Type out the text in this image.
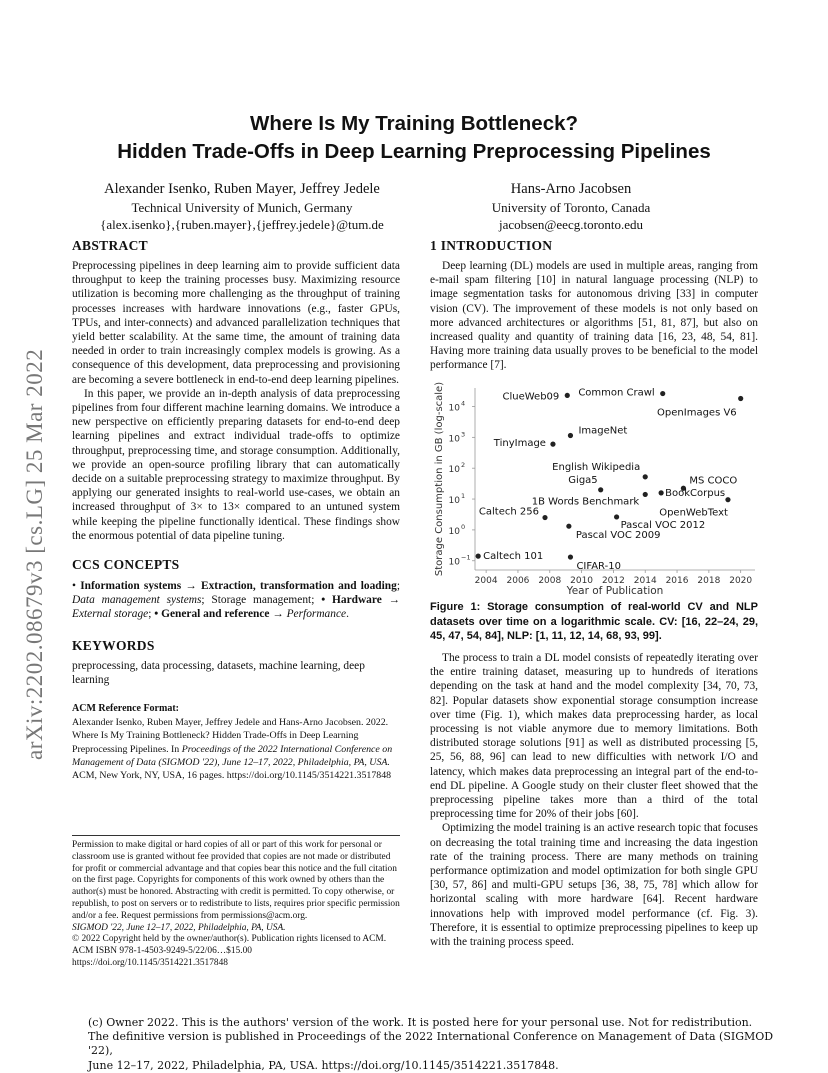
arXiv:2202.08679v3 [cs.LG] 25 Mar 2022
Where Is My Training Bottleneck?
Hidden Trade-Offs in Deep Learning Preprocessing Pipelines
Alexander Isenko, Ruben Mayer, Jeffrey Jedele
Technical University of Munich, Germany
{alex.isenko},{ruben.mayer},{jeffrey.jedele}@tum.de
Hans-Arno Jacobsen
University of Toronto, Canada
jacobsen@eecg.toronto.edu
ABSTRACT
Preprocessing pipelines in deep learning aim to provide sufficient data throughput to keep the training processes busy. Maximizing resource utilization is becoming more challenging as the throughput of training processes increases with hardware innovations (e.g., faster GPUs, TPUs, and inter-connects) and advanced parallelization techniques that yield better scalability. At the same time, the amount of training data needed in order to train increasingly complex models is growing. As a consequence of this development, data preprocessing and provisioning are becoming a severe bottleneck in end-to-end deep learning pipelines.
In this paper, we provide an in-depth analysis of data preprocessing pipelines from four different machine learning domains. We introduce a new perspective on efficiently preparing datasets for end-to-end deep learning pipelines and extract individual trade-offs to optimize throughput, preprocessing time, and storage consumption. Additionally, we provide an open-source profiling library that can automatically decide on a suitable preprocessing strategy to maximize throughput. By applying our generated insights to real-world use-cases, we obtain an increased throughput of 3× to 13× compared to an untuned system while keeping the pipeline functionally identical. These findings show the enormous potential of data pipeline tuning.
CCS CONCEPTS
• Information systems → Extraction, transformation and loading; Data management systems; Storage management; • Hardware → External storage; • General and reference → Performance.
KEYWORDS
preprocessing, data processing, datasets, machine learning, deep learning
ACM Reference Format:
Alexander Isenko, Ruben Mayer, Jeffrey Jedele and Hans-Arno Jacobsen. 2022. Where Is My Training Bottleneck? Hidden Trade-Offs in Deep Learning Preprocessing Pipelines. In Proceedings of the 2022 International Conference on Management of Data (SIGMOD '22), June 12–17, 2022, Philadelphia, PA, USA. ACM, New York, NY, USA, 16 pages. https://doi.org/10.1145/3514221.3517848
Permission to make digital or hard copies of all or part of this work for personal or classroom use is granted without fee provided that copies are not made or distributed for profit or commercial advantage and that copies bear this notice and the full citation on the first page. Copyrights for components of this work owned by others than the author(s) must be honored. Abstracting with credit is permitted. To copy otherwise, or republish, to post on servers or to redistribute to lists, requires prior specific permission and/or a fee. Request permissions from permissions@acm.org.
SIGMOD '22, June 12–17, 2022, Philadelphia, PA, USA.
© 2022 Copyright held by the owner/author(s). Publication rights licensed to ACM.
ACM ISBN 978-1-4503-9249-5/22/06…$15.00
https://doi.org/10.1145/3514221.3517848
1 INTRODUCTION
Deep learning (DL) models are used in multiple areas, ranging from e-mail spam filtering [10] in natural language processing (NLP) to image segmentation tasks for autonomous driving [33] in computer vision (CV). The improvement of these models is not only based on more advanced architectures or algorithms [51, 81, 87], but also on increased quality and quantity of training data [16, 23, 48, 54, 81]. Having more training data usually proves to be beneficial to the model performance [7].
2004 2006 2008 2010 2012 2014 2016 2018 2020
10 4
10 3
10 2
10 1
10 0
10 −1
ClueWeb09 Common Crawl
OpenImages V6
ImageNet
TinyImage
English Wikipedia
Giga5	MS COCO
BookCorpus
1B Words Benchmark
OpenWebText
Caltech 256
Pascal VOC 2012
Pascal VOC 2009
Caltech 101
CIFAR-10
Year of Publication
Storage Consumption in GB (log-scale)
Figure 1: Storage consumption of real-world CV and NLP datasets over time on a logarithmic scale. CV: [16, 22–24, 29, 45, 47, 54, 84], NLP: [1, 11, 12, 14, 68, 93, 99].
The process to train a DL model consists of repeatedly iterating over the entire training dataset, measuring up to hundreds of iterations depending on the task at hand and the model complexity [34, 70, 73, 82]. Popular datasets show exponential storage consumption increase over time (Fig. 1), which makes data preprocessing harder, as local processing is not viable anymore due to memory limitations. Both distributed storage solutions [91] as well as distributed processing [5, 25, 56, 88, 96] can lead to new difficulties with network I/O and latency, which makes data preprocessing an integral part of the end-to-end DL pipeline. A Google study on their cluster fleet showed that the preprocessing pipeline takes more than a third of the total preprocessing time for 20% of their jobs [60].
Optimizing the model training is an active research topic that focuses on decreasing the total training time and increasing the data ingestion rate of the training process. There are many methods on training performance optimization and model optimization for both single GPU [30, 57, 86] and multi-GPU setups [36, 38, 75, 78] which allow for horizontal scaling with more hardware [64]. Recent hardware innovations help with improved model performance (cf. Fig. 3). Therefore, it is essential to optimize preprocessing pipelines to keep up with the training process speed.
(c) Owner 2022. This is the authors' version of the work. It is posted here for your personal use. Not for redistribution.
The definitive version is published in Proceedings of the 2022 International Conference on Management of Data (SIGMOD '22),
June 12–17, 2022, Philadelphia, PA, USA. https://doi.org/10.1145/3514221.3517848.
